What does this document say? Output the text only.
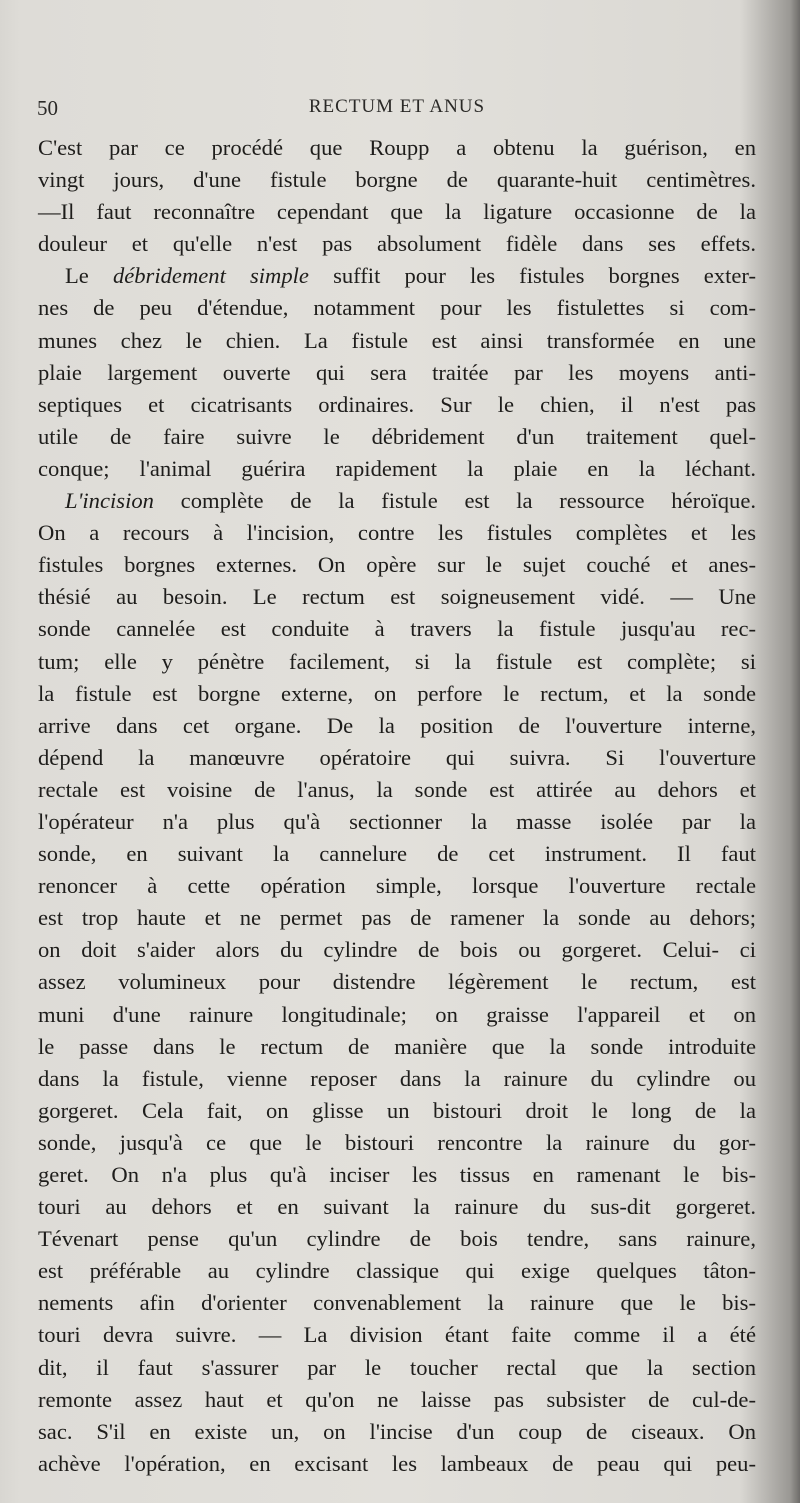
50	RECTUM ET ANUS
C'est par ce procédé que Roupp a obtenu la guérison, en
vingt jours, d'une fistule borgne de quarante-huit centimètres.
—Il faut reconnaître cependant que la ligature occasionne de la
douleur et qu'elle n'est pas absolument fidèle dans ses effets.
Le débridement simple suffit pour les fistules borgnes exter-
nes de peu d'étendue, notamment pour les fistulettes si com-
munes chez le chien. La fistule est ainsi transformée en une
plaie largement ouverte qui sera traitée par les moyens anti-
septiques et cicatrisants ordinaires. Sur le chien, il n'est pas
utile de faire suivre le débridement d'un traitement quel-
conque; l'animal guérira rapidement la plaie en la léchant.
L'incision complète de la fistule est la ressource héroïque.
On a recours à l'incision, contre les fistules complètes et les
fistules borgnes externes. On opère sur le sujet couché et anes-
thésié au besoin. Le rectum est soigneusement vidé. — Une
sonde cannelée est conduite à travers la fistule jusqu'au rec-
tum; elle y pénètre facilement, si la fistule est complète; si
la fistule est borgne externe, on perfore le rectum, et la sonde
arrive dans cet organe. De la position de l'ouverture interne,
dépend la manœuvre opératoire qui suivra. Si l'ouverture
rectale est voisine de l'anus, la sonde est attirée au dehors et
l'opérateur n'a plus qu'à sectionner la masse isolée par la
sonde, en suivant la cannelure de cet instrument. Il faut
renoncer à cette opération simple, lorsque l'ouverture rectale
est trop haute et ne permet pas de ramener la sonde au dehors;
on doit s'aider alors du cylindre de bois ou gorgeret. Celui- ci
assez volumineux pour distendre légèrement le rectum, est
muni d'une rainure longitudinale; on graisse l'appareil et on
le passe dans le rectum de manière que la sonde introduite
dans la fistule, vienne reposer dans la rainure du cylindre ou
gorgeret. Cela fait, on glisse un bistouri droit le long de la
sonde, jusqu'à ce que le bistouri rencontre la rainure du gor-
geret. On n'a plus qu'à inciser les tissus en ramenant le bis-
touri au dehors et en suivant la rainure du sus-dit gorgeret.
Tévenart pense qu'un cylindre de bois tendre, sans rainure,
est préférable au cylindre classique qui exige quelques tâton-
nements afin d'orienter convenablement la rainure que le bis-
touri devra suivre. — La division étant faite comme il a été
dit, il faut s'assurer par le toucher rectal que la section
remonte assez haut et qu'on ne laisse pas subsister de cul-de-
sac. S'il en existe un, on l'incise d'un coup de ciseaux. On
achève l'opération, en excisant les lambeaux de peau qui peu-
